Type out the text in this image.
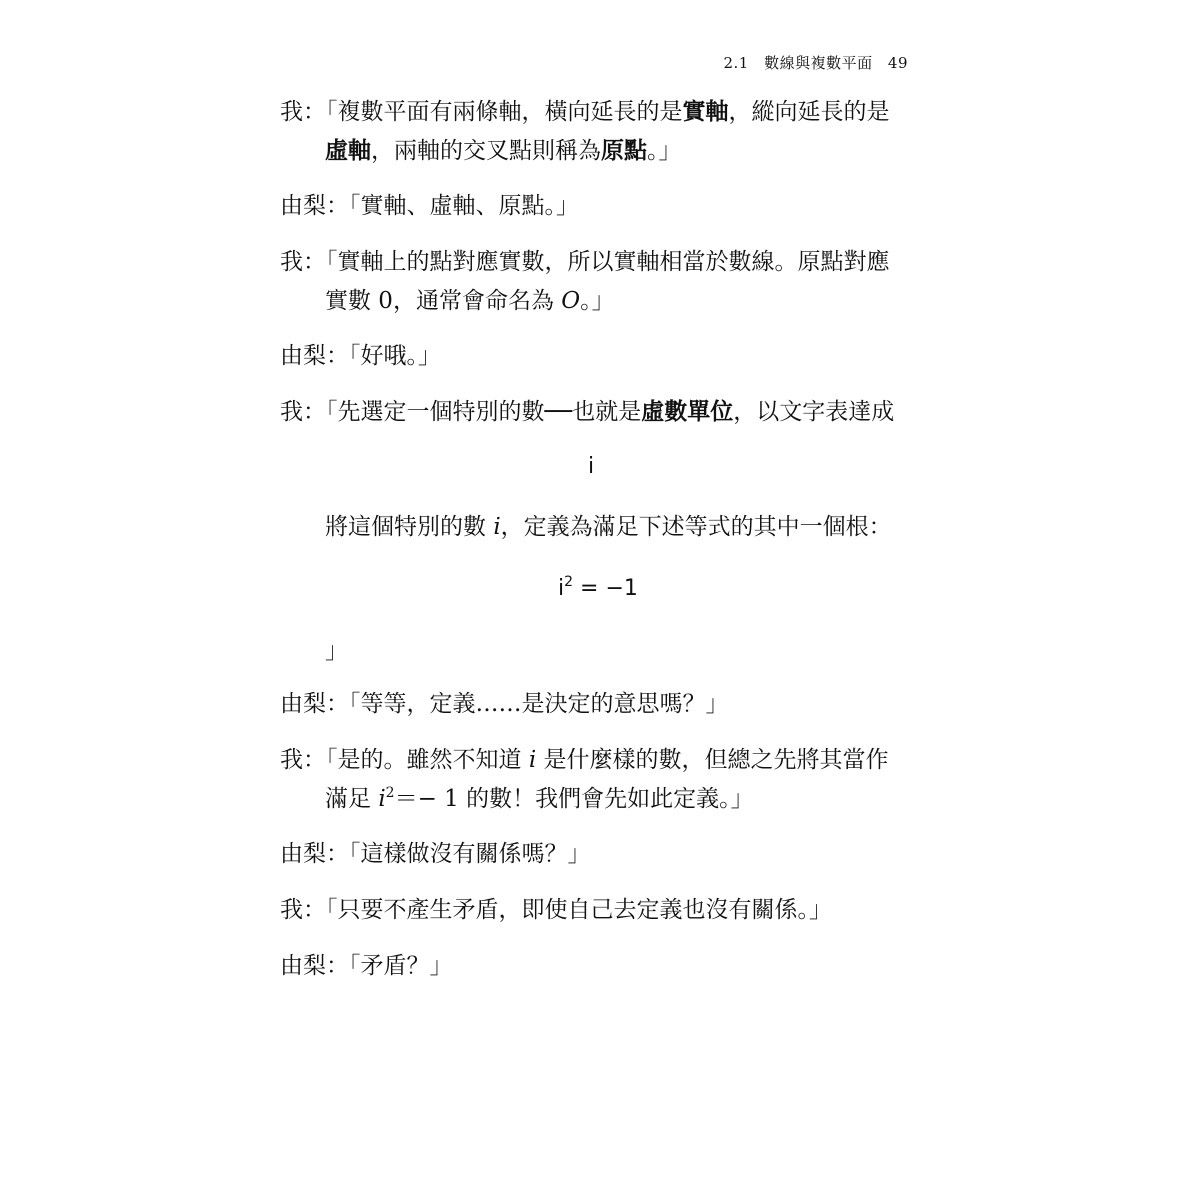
2.1 數線與複數平面 49
我：「複數平面有兩條軸，橫向延長的是實軸，縱向延長的是
虛軸，兩軸的交叉點則稱為原點。」
由梨：「實軸、虛軸、原點。」
我：「實軸上的點對應實數，所以實軸相當於數線。原點對應
實數 0，通常會命名為 O。」
由梨：「好哦。」
我：「先選定一個特別的數──也就是虛數單位，以文字表達成
i
將這個特別的數 i，定義為滿足下述等式的其中一個根：
$i^2 = -1$
」
由梨：「等等，定義……是決定的意思嗎？」
我：「是的。雖然不知道 i 是什麼樣的數，但總之先將其當作
滿足 $i^2=- 1$ 的數！我們會先如此定義。」
由梨：「這樣做沒有關係嗎？」
我：「只要不產生矛盾，即使自己去定義也沒有關係。」
由梨：「矛盾？」
